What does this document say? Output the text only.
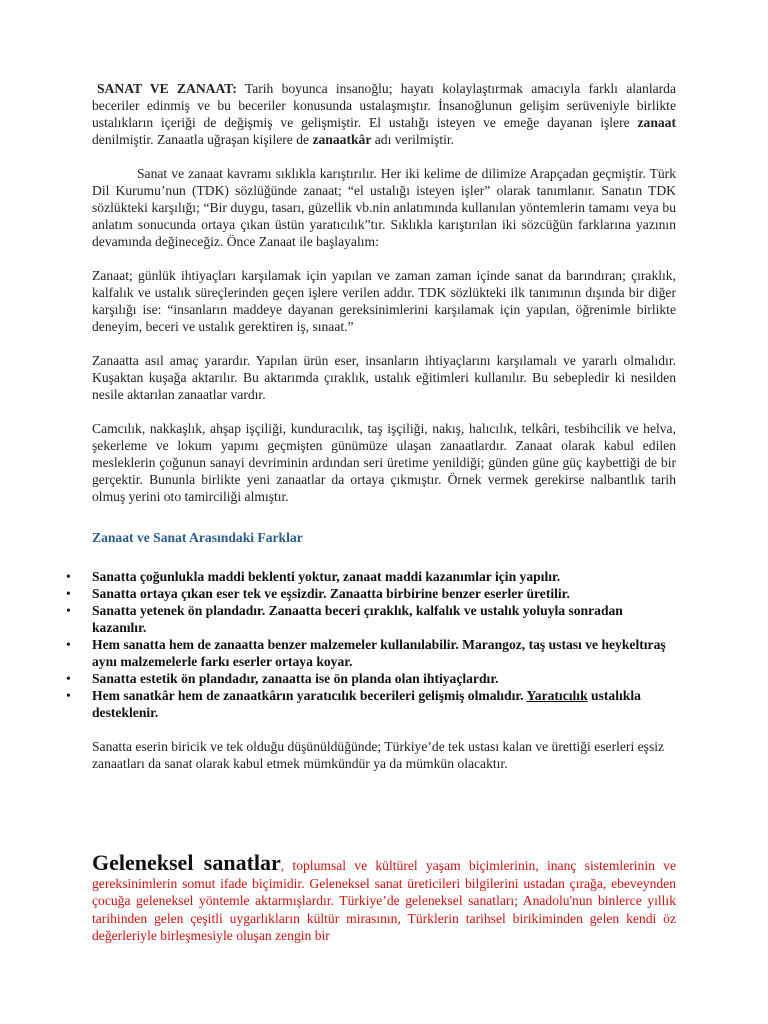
SANAT VE ZANAAT: Tarih boyunca insanoğlu; hayatı kolaylaştırmak amacıyla farklı alanlarda beceriler edinmiş ve bu beceriler konusunda ustalaşmıştır. İnsanoğlunun gelişim serüveniyle birlikte ustalıkların içeriği de değişmiş ve gelişmiştir. El ustalığı isteyen ve emeğe dayanan işlere zanaat denilmiştir. Zanaatla uğraşan kişilere de zanaatkâr adı verilmiştir.

Sanat ve zanaat kavramı sıklıkla karıştırılır. Her iki kelime de dilimize Arapçadan geçmiştir. Türk Dil Kurumu’nun (TDK) sözlüğünde zanaat; “el ustalığı isteyen işler” olarak tanımlanır. Sanatın TDK sözlükteki karşılığı; “Bir duygu, tasarı, güzellik vb.nin anlatımında kullanılan yöntemlerin tamamı veya bu anlatım sonucunda ortaya çıkan üstün yaratıcılık”tır. Sıklıkla karıştırılan iki sözcüğün farklarına yazının devamında değineceğiz. Önce Zanaat ile başlayalım:

Zanaat; günlük ihtiyaçları karşılamak için yapılan ve zaman zaman içinde sanat da barındıran; çıraklık, kalfalık ve ustalık süreçlerinden geçen işlere verilen addır. TDK sözlükteki ilk tanımının dışında bir diğer karşılığı ise: “insanların maddeye dayanan gereksinimlerini karşılamak için yapılan, öğrenimle birlikte deneyim, beceri ve ustalık gerektiren iş, sınaat.”

Zanaatta asıl amaç yarardır. Yapılan ürün eser, insanların ihtiyaçlarını karşılamalı ve yararlı olmalıdır. Kuşaktan kuşağa aktarılır. Bu aktarımda çıraklık, ustalık eğitimleri kullanılır. Bu sebepledir ki nesilden nesile aktarılan zanaatlar vardır.

Camcılık, nakkaşlık, ahşap işçiliği, kunduracılık, taş işçiliği, nakış, halıcılık, telkâri, tesbihcilik ve helva, şekerleme ve lokum yapımı geçmişten günümüze ulaşan zanaatlardır. Zanaat olarak kabul edilen mesleklerin çoğunun sanayi devriminin ardından seri üretime yenildiği; günden güne güç kaybettiği de bir gerçektir. Bununla birlikte yeni zanaatlar da ortaya çıkmıştır. Örnek vermek gerekirse nalbantlık tarih olmuş yerini oto tamirciliği almıştır.

Zanaat ve Sanat Arasındaki Farklar
• Sanatta çoğunlukla maddi beklenti yoktur, zanaat maddi kazanımlar için yapılır.
• Sanatta ortaya çıkan eser tek ve eşsizdir. Zanaatta birbirine benzer eserler üretilir.
• Sanatta yetenek ön plandadır. Zanaatta beceri çıraklık, kalfalık ve ustalık yoluyla sonradan kazanılır.
• Hem sanatta hem de zanaatta benzer malzemeler kullanılabilir. Marangoz, taş ustası ve heykeltıraş aynı malzemelerle farkı eserler ortaya koyar.
• Sanatta estetik ön plandadır, zanaatta ise ön planda olan ihtiyaçlardır.
• Hem sanatkâr hem de zanaatkârın yaratıcılık becerileri gelişmiş olmalıdır. Yaratıcılık ustalıkla desteklenir.

Sanatta eserin biricik ve tek olduğu düşünüldüğünde; Türkiye’de tek ustası kalan ve ürettiği eserleri eşsiz zanaatları da sanat olarak kabul etmek mümkündür ya da mümkün olacaktır.

Geleneksel sanatlar, toplumsal ve kültürel yaşam biçimlerinin, inanç sistemlerinin ve gereksinimlerin somut ifade biçimidir. Geleneksel sanat üreticileri bilgilerini ustadan çırağa, ebeveynden çocuğa geleneksel yöntemle aktarmışlardır. Türkiye’de geleneksel sanatları; Anadolu'nun binlerce yıllık tarihinden gelen çeşitli uygarlıkların kültür mirasının, Türklerin tarihsel birikiminden gelen kendi öz değerleriyle birleşmesiyle oluşan zengin bir
